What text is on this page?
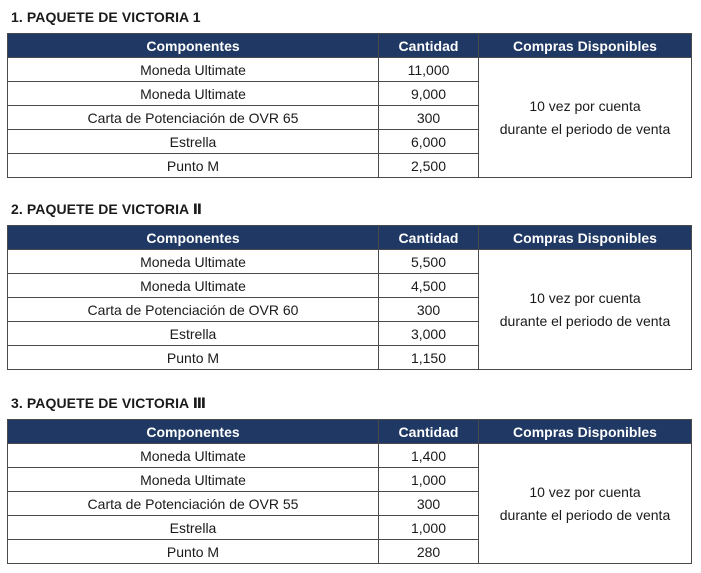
1. PAQUETE DE VICTORIA 1
Componentes	Cantidad	Compras Disponibles
Moneda Ultimate	11,000	10 vez por cuenta
durante el periodo de venta

Moneda Ultimate	9,000	
Carta de Potenciación de OVR 65	300	
Estrella	6,000	
Punto M	2,500	
2. PAQUETE DE VICTORIA Ⅱ
Componentes	Cantidad	Compras Disponibles
Moneda Ultimate	5,500	10 vez por cuenta
durante el periodo de venta

Moneda Ultimate	4,500	
Carta de Potenciación de OVR 60	300	
Estrella	3,000	
Punto M	1,150	
3. PAQUETE DE VICTORIA Ⅲ
Componentes	Cantidad	Compras Disponibles
Moneda Ultimate	1,400	10 vez por cuenta
durante el periodo de venta

Moneda Ultimate	1,000	
Carta de Potenciación de OVR 55	300	
Estrella	1,000	
Punto M	280	
